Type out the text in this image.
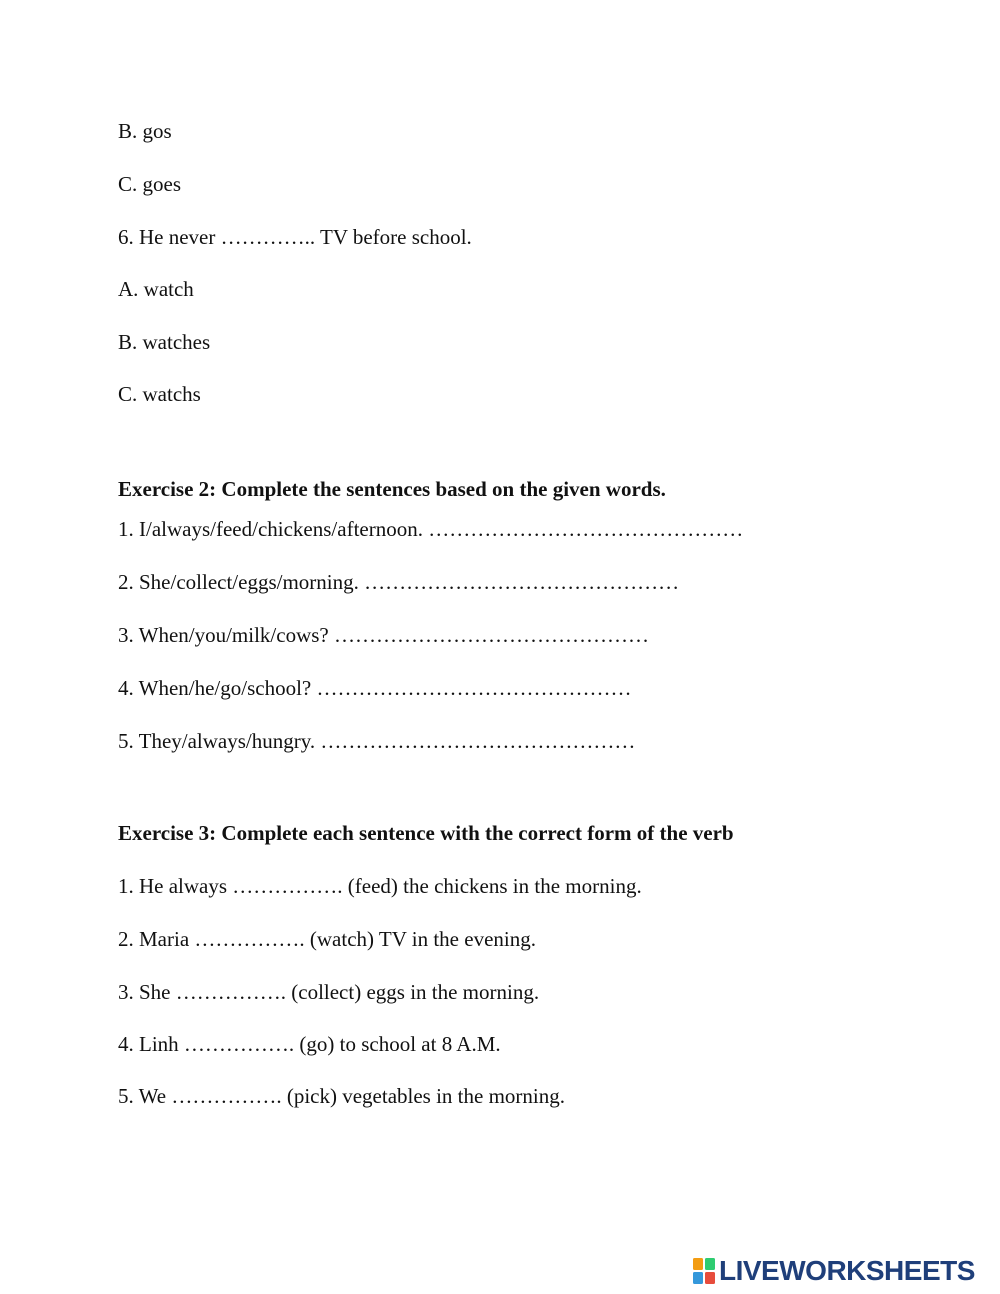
B. gos
C. goes
6. He never ………….. TV before school.
A. watch
B. watches
C. watchs
Exercise 2: Complete the sentences based on the given words.
1. I/always/feed/chickens/afternoon. ………………………………………
2. She/collect/eggs/morning. ………………………………………
3. When/you/milk/cows? ………………………………………
4. When/he/go/school? ………………………………………
5. They/always/hungry. ………………………………………
Exercise 3: Complete each sentence with the correct form of the verb
1. He always ……………. (feed) the chickens in the morning.
2. Maria ……………. (watch) TV in the evening.
3. She ……………. (collect) eggs in the morning.
4. Linh ……………. (go) to school at 8 A.M.
5. We ……………. (pick) vegetables in the morning.
LIVEWORKSHEETS
